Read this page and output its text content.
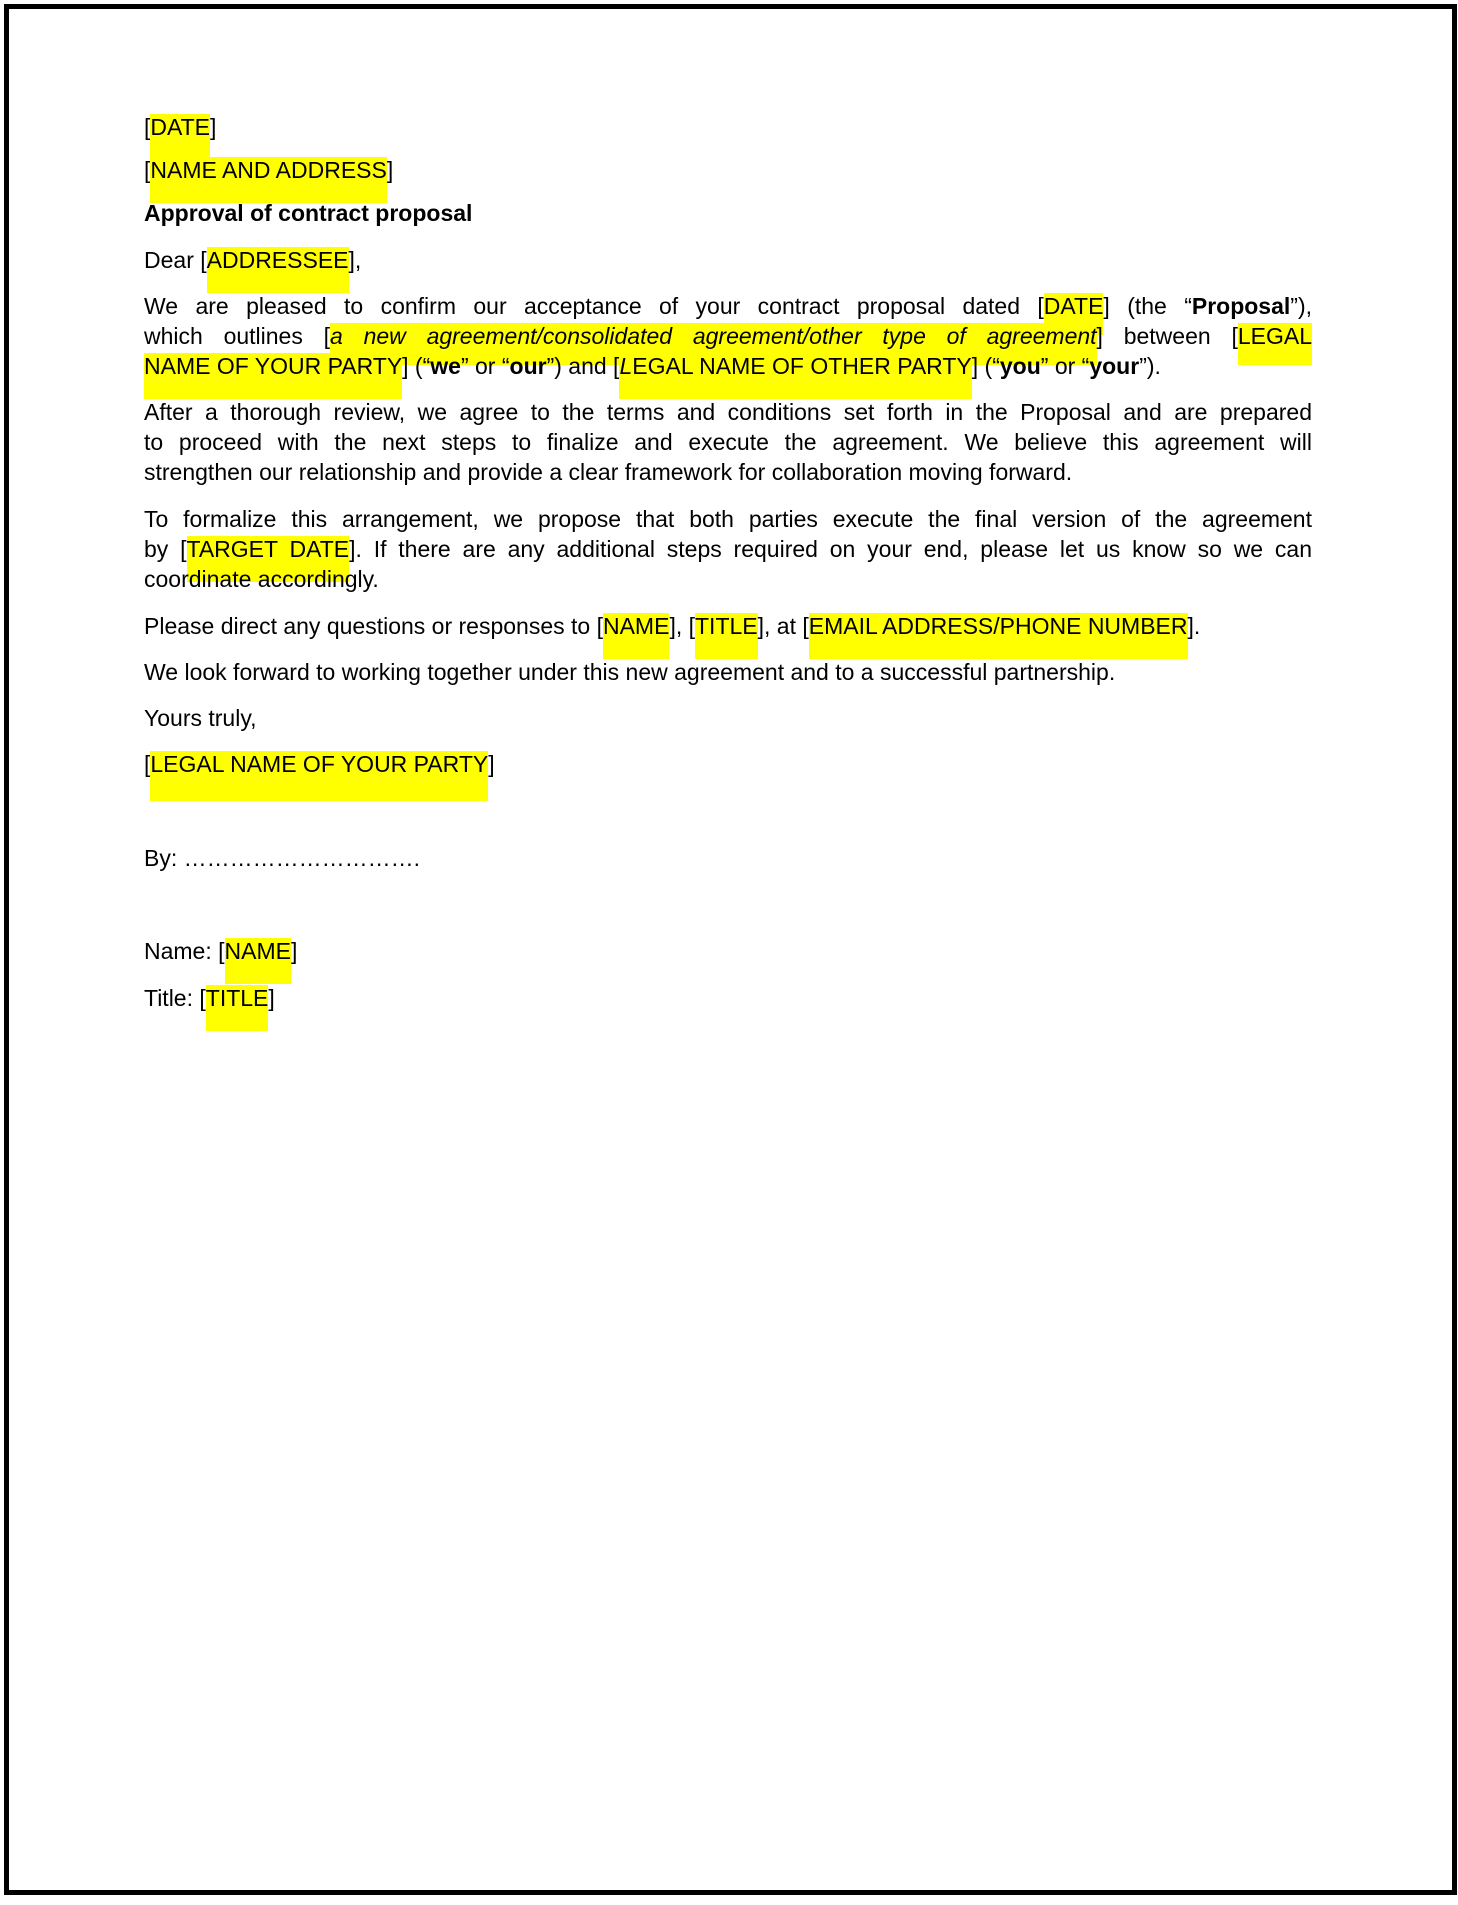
[DATE]
[NAME AND ADDRESS]
Approval of contract proposal
Dear [ADDRESSEE],
We are pleased to confirm our acceptance of your contract proposal dated [DATE] (the “Proposal”),
which outlines [a new agreement/consolidated agreement/other type of agreement] between [LEGAL
NAME OF YOUR PARTY] (“we” or “our”) and [LEGAL NAME OF OTHER PARTY] (“you” or “your”).
After a thorough review, we agree to the terms and conditions set forth in the Proposal and are prepared
to proceed with the next steps to finalize and execute the agreement. We believe this agreement will
strengthen our relationship and provide a clear framework for collaboration moving forward.
To formalize this arrangement, we propose that both parties execute the final version of the agreement
by [TARGET DATE]. If there are any additional steps required on your end, please let us know so we can
coordinate accordingly.
Please direct any questions or responses to [NAME], [TITLE], at [EMAIL ADDRESS/PHONE NUMBER].
We look forward to working together under this new agreement and to a successful partnership.
Yours truly,
[LEGAL NAME OF YOUR PARTY]
By: ………………………….
Name: [NAME]
Title: [TITLE]
